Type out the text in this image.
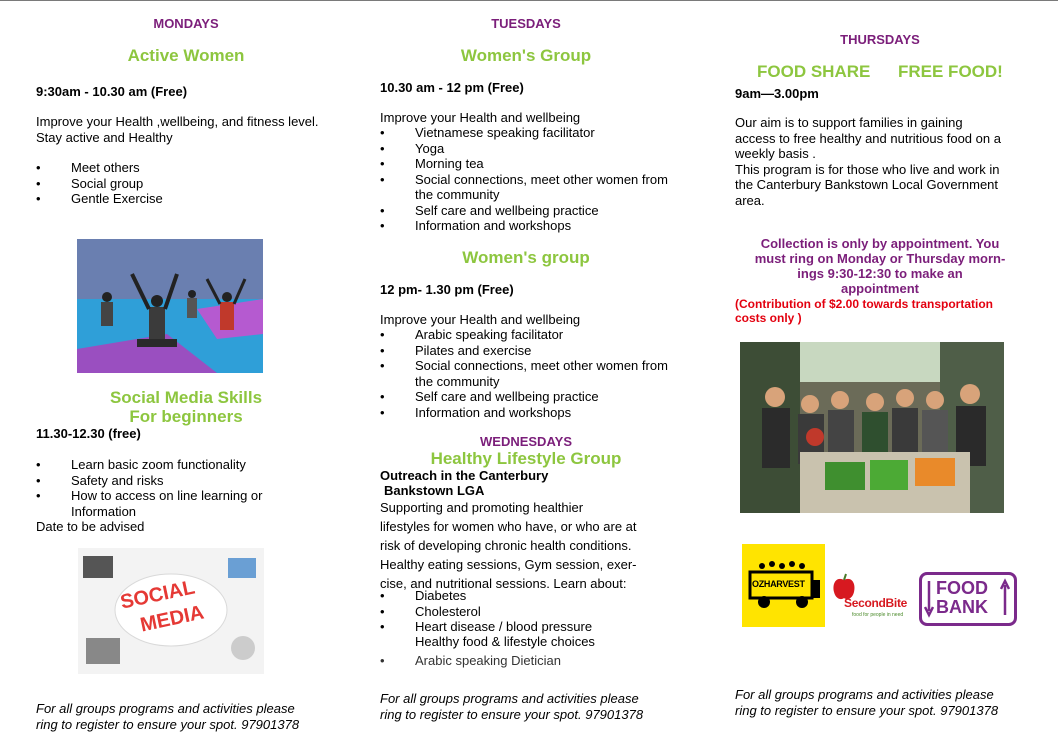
MONDAYS
Active Women
9:30am - 10.30 am (Free)
Improve your Health ,wellbeing, and fitness level.
Stay active and Healthy
• Meet others
• Social group
• Gentle Exercise
Social Media Skills
For beginners
11.30-12.30 (free)
• Learn basic zoom functionality
• Safety and risks
• How to access on line learning or Information
Date to be advised
SOCIAL
MEDIA
For all groups programs and activities please
ring to register to ensure your spot. 97901378
TUESDAYS
Women's Group
10.30 am - 12 pm (Free)
Improve your Health and wellbeing
• Vietnamese speaking facilitator
• Yoga
• Morning tea
• Social connections, meet other women from the community
• Self care and wellbeing practice
• Information and workshops
Women's group
12 pm- 1.30 pm (Free)
Improve your Health and wellbeing
• Arabic speaking facilitator
• Pilates and exercise
• Social connections, meet other women from the community
• Self care and wellbeing practice
• Information and workshops
WEDNESDAYS
Healthy Lifestyle Group
Outreach in the Canterbury
Bankstown LGA
Supporting and promoting healthier
lifestyles for women who have, or who are at
risk of developing chronic health conditions.
Healthy eating sessions, Gym session, exer-
cise, and nutritional sessions. Learn about:
• Diabetes
• Cholesterol
• Heart disease / blood pressure
Healthy food & lifestyle choices
• Arabic speaking Dietician
For all groups programs and activities please
ring to register to ensure your spot. 97901378
THURSDAYS
FOOD SHARE FREE FOOD!
9am—3.00pm
Our aim is to support families in gaining
access to free healthy and nutritious food on a
weekly basis .
This program is for those who live and work in
the Canterbury Bankstown Local Government
area.
Collection is only by appointment. You
must ring on Monday or Thursday morn-
ings 9:30-12:30 to make an
appointment
(Contribution of $2.00 towards transportation
costs only )
OZHARVEST
SecondBite
food for people in need
FOOD
BANK
For all groups programs and activities please
ring to register to ensure your spot. 97901378
